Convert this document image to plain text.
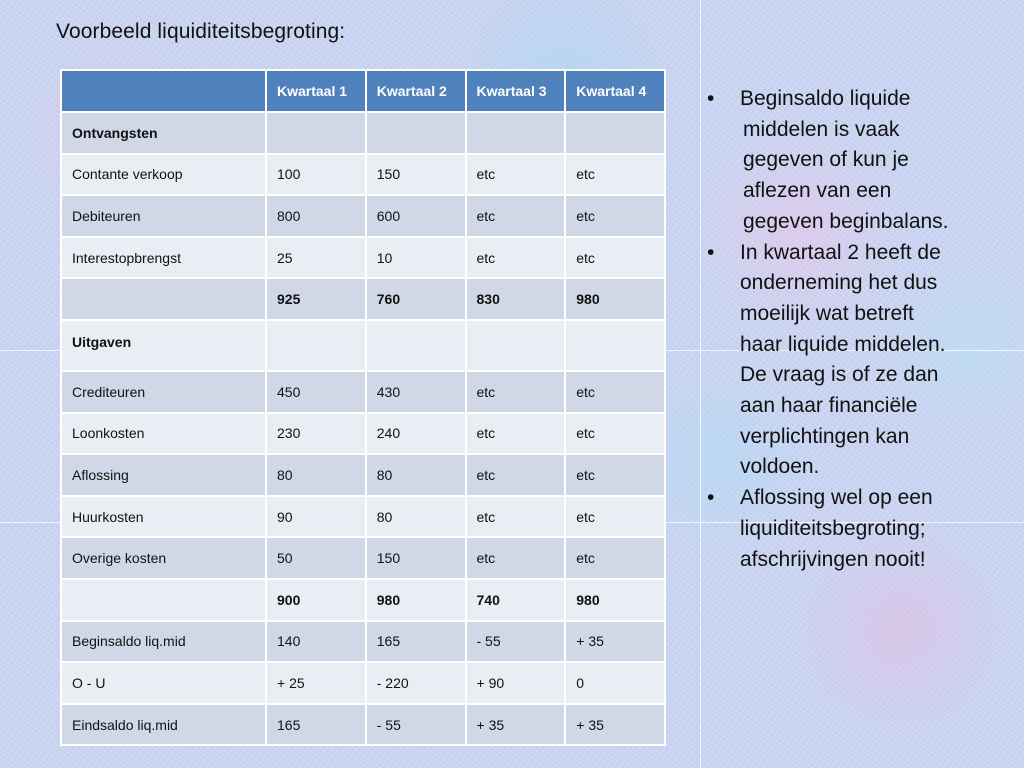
Voorbeeld liquiditeitsbegroting:
	Kwartaal 1	Kwartaal 2	Kwartaal 3	Kwartaal 4
Ontvangsten				
Contante verkoop	100	150	etc	etc
Debiteuren	800	600	etc	etc
Interestopbrengst	25	10	etc	etc
	925	760	830	980
Uitgaven				
Crediteuren	450	430	etc	etc
Loonkosten	230	240	etc	etc
Aflossing	80	80	etc	etc
Huurkosten	90	80	etc	etc
Overige kosten	50	150	etc	etc
	900	980	740	980
Beginsaldo liq.mid	140	165	- 55	+ 35
O - U	+ 25	- 220	+ 90	0
Eindsaldo liq.mid	165	- 55	+ 35	+ 35
• Beginsaldo liquide
middelen is vaak
gegeven of kun je
aflezen van een
gegeven beginbalans.
• In kwartaal 2 heeft de
onderneming het dus
moeilijk wat betreft
haar liquide middelen.
De vraag is of ze dan
aan haar financiële
verplichtingen kan
voldoen.
• Aflossing wel op een
liquiditeitsbegroting;
afschrijvingen nooit!
